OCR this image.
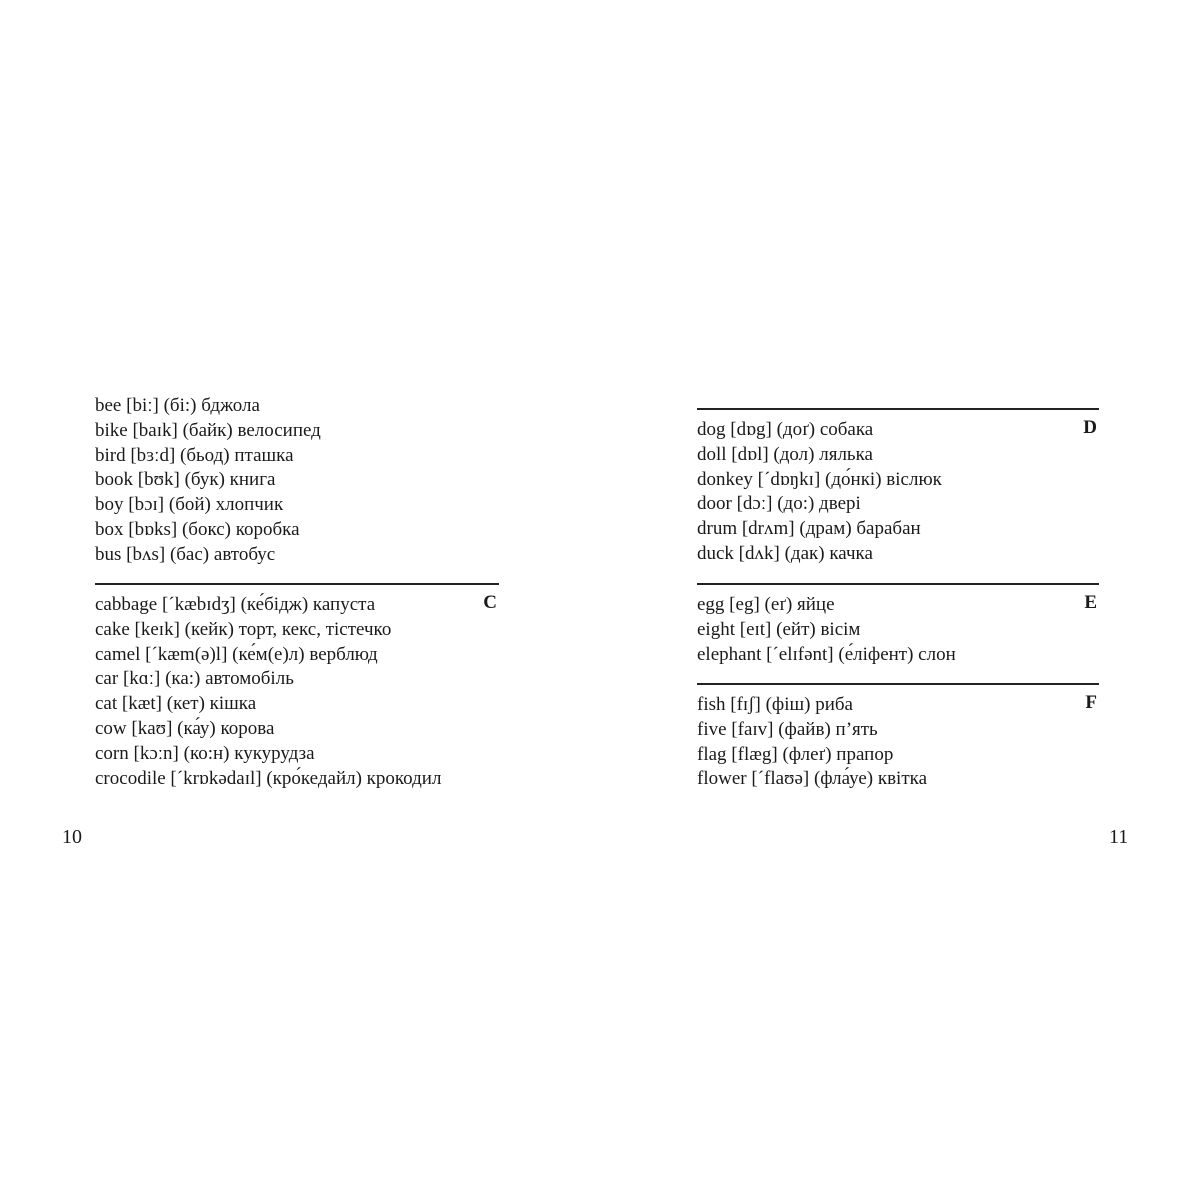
bee [biː] (бі:) бджола
bike [baɪk] (байк) велосипед
bird [bɜːd] (бьод) пташка
book [bʊk] (бук) книга
boy [bɔɪ] (бой) хлопчик
box [bɒks] (бокс) коробка
bus [bʌs] (бас) автобус
C
cabbage [ˊkæbɪdʒ] (ке́бідж) капуста
cake [keɪk] (кейк) торт, кекс, тістечко
camel [ˊkæm(ə)l] (ке́м(е)л) верблюд
car [kɑː] (ка:) автомобіль
cat [kæt] (кет) кішка
cow [kaʊ] (ка́у) корова
corn [kɔːn] (ко:н) кукурудза
crocodile [ˊkrɒkədaɪl] (кро́кедайл) крокодил
10
D
dog [dɒg] (доґ) собака
doll [dɒl] (дол) лялька
donkey [ˊdɒŋkɪ] (до́нкі) віслюк
door [dɔː] (до:) двері
drum [drʌm] (драм) барабан
duck [dʌk] (дак) качка
E
egg [eg] (еґ) яйце
eight [eɪt] (ейт) вісім
elephant [ˊelɪfənt] (е́ліфент) слон
F
fish [fɪʃ] (фіш) риба
five [faɪv] (файв) п’ять
flag [flæg] (флеґ) прапор
flower [ˊflaʊə] (фла́уе) квітка
11
